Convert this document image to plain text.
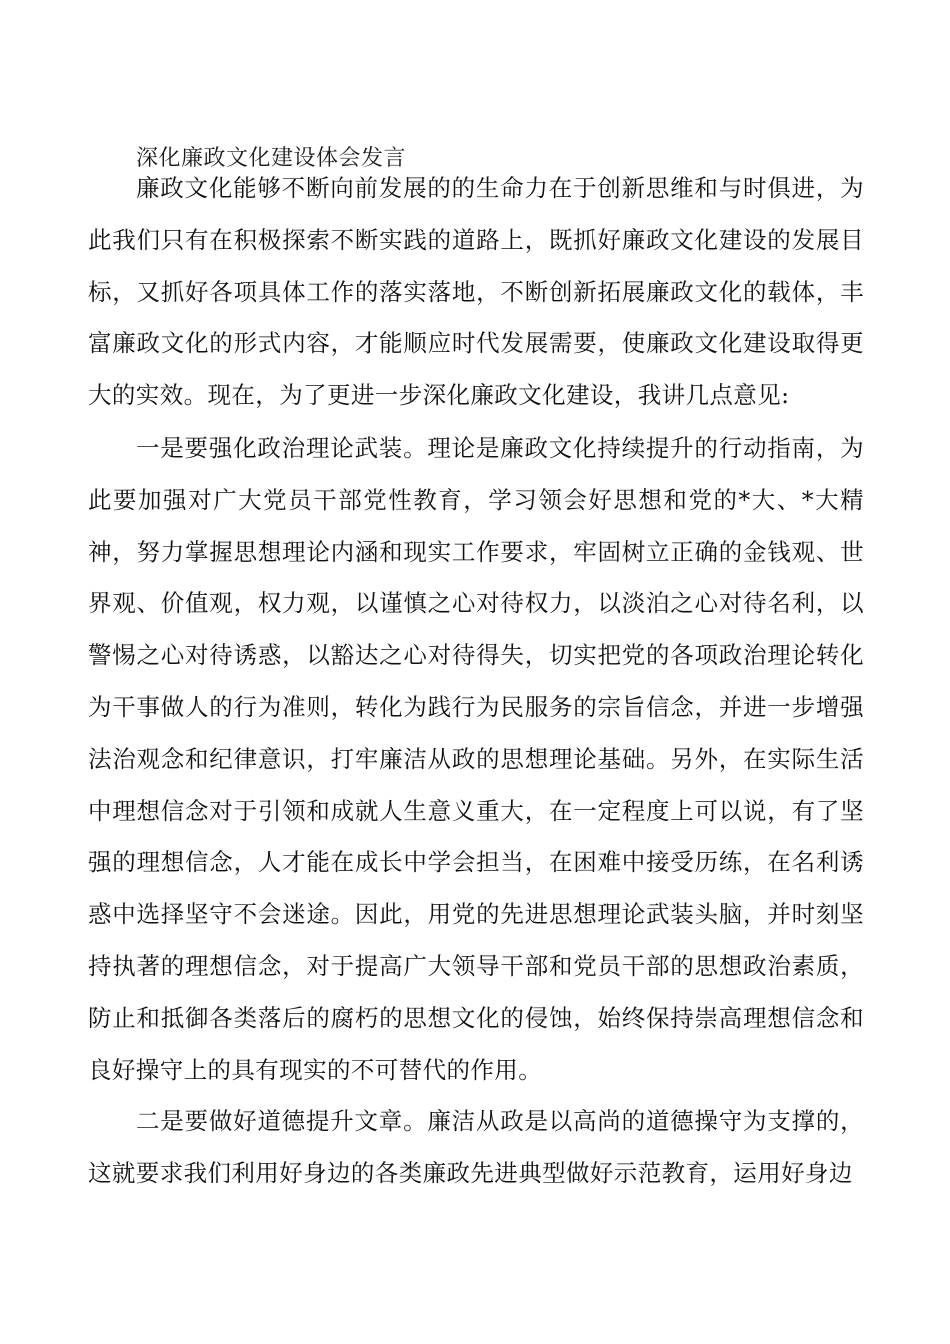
深化廉政文化建设体会发言

廉政文化能够不断向前发展的的生命力在于创新思维和与时俱进，为此我们只有在积极探索不断实践的道路上，既抓好廉政文化建设的发展目标，又抓好各项具体工作的落实落地，不断创新拓展廉政文化的载体，丰富廉政文化的形式内容，才能顺应时代发展需要，使廉政文化建设取得更大的实效。现在，为了更进一步深化廉政文化建设，我讲几点意见:

一是要强化政治理论武装。理论是廉政文化持续提升的行动指南，为此要加强对广大党员干部党性教育，学习领会好思想和党的*大、*大精神，努力掌握思想理论内涵和现实工作要求，牢固树立正确的金钱观、世界观、价值观，权力观，以谨慎之心对待权力，以淡泊之心对待名利，以警惕之心对待诱惑，以豁达之心对待得失，切实把党的各项政治理论转化为干事做人的行为准则，转化为践行为民服务的宗旨信念，并进一步增强法治观念和纪律意识，打牢廉洁从政的思想理论基础。另外，在实际生活中理想信念对于引领和成就人生意义重大，在一定程度上可以说，有了坚强的理想信念，人才能在成长中学会担当，在困难中接受历练，在名利诱惑中选择坚守不会迷途。因此，用党的先进思想理论武装头脑，并时刻坚持执著的理想信念，对于提高广大领导干部和党员干部的思想政治素质，防止和抵御各类落后的腐朽的思想文化的侵蚀，始终保持崇高理想信念和良好操守上的具有现实的不可替代的作用。

二是要做好道德提升文章。廉洁从政是以高尚的道德操守为支撑的，这就要求我们利用好身边的各类廉政先进典型做好示范教育，运用好身边
